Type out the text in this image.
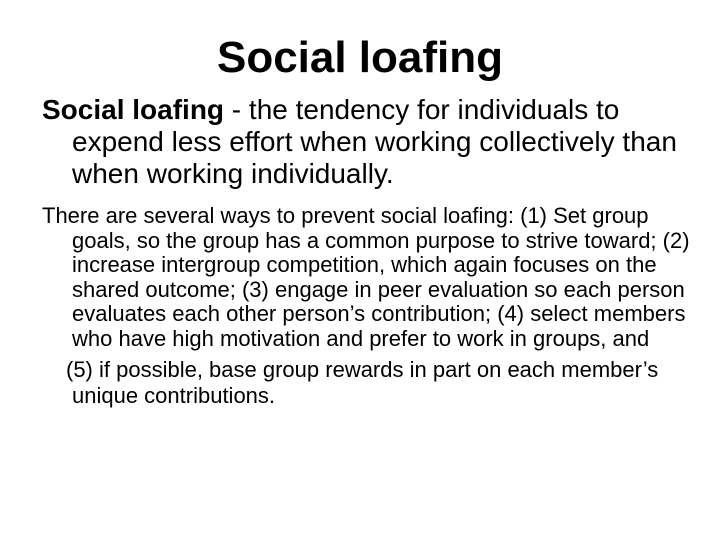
Social loafing

Social loafing - the tendency for individuals to expend less effort when working collectively than when working individually.

There are several ways to prevent social loafing: (1) Set group goals, so the group has a common purpose to strive toward; (2) increase intergroup competition, which again focuses on the shared outcome; (3) engage in peer evaluation so each person evaluates each other person’s contribution; (4) select members who have high motivation and prefer to work in groups, and

(5) if possible, base group rewards in part on each member’s unique contributions.
